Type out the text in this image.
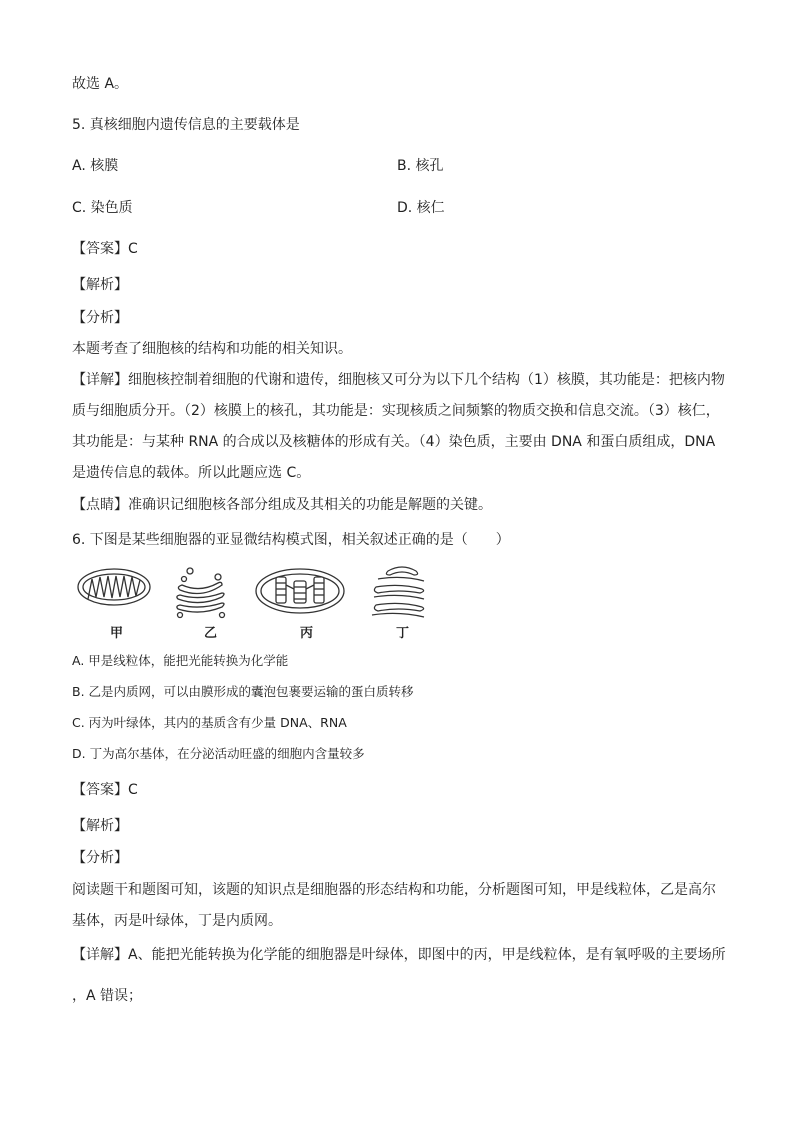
故选 A。
5. 真核细胞内遗传信息的主要载体是
A. 核膜	B. 核孔
C. 染色质	D. 核仁
【答案】C
【解析】
【分析】
本题考查了细胞核的结构和功能的相关知识。
【详解】细胞核控制着细胞的代谢和遗传，细胞核又可分为以下几个结构（1）核膜，其功能是：把核内物
质与细胞质分开。（2）核膜上的核孔，其功能是：实现核质之间频繁的物质交换和信息交流。（3）核仁，
其功能是：与某种 RNA 的合成以及核糖体的形成有关。（4）染色质，主要由 DNA 和蛋白质组成，DNA
是遗传信息的载体。所以此题应选 C。
【点睛】准确识记细胞核各部分组成及其相关的功能是解题的关键。
6. 下图是某些细胞器的亚显微结构模式图，相关叙述正确的是（　　）
甲	乙	丙	丁
A. 甲是线粒体，能把光能转换为化学能
B. 乙是内质网，可以由膜形成的囊泡包裹要运输的蛋白质转移
C. 丙为叶绿体，其内的基质含有少量 DNA、RNA
D. 丁为高尔基体，在分泌活动旺盛的细胞内含量较多
【答案】C
【解析】
【分析】
阅读题干和题图可知，该题的知识点是细胞器的形态结构和功能，分析题图可知，甲是线粒体，乙是高尔
基体，丙是叶绿体，丁是内质网。
【详解】A、能把光能转换为化学能的细胞器是叶绿体，即图中的丙，甲是线粒体，是有氧呼吸的主要场所
，A 错误；
